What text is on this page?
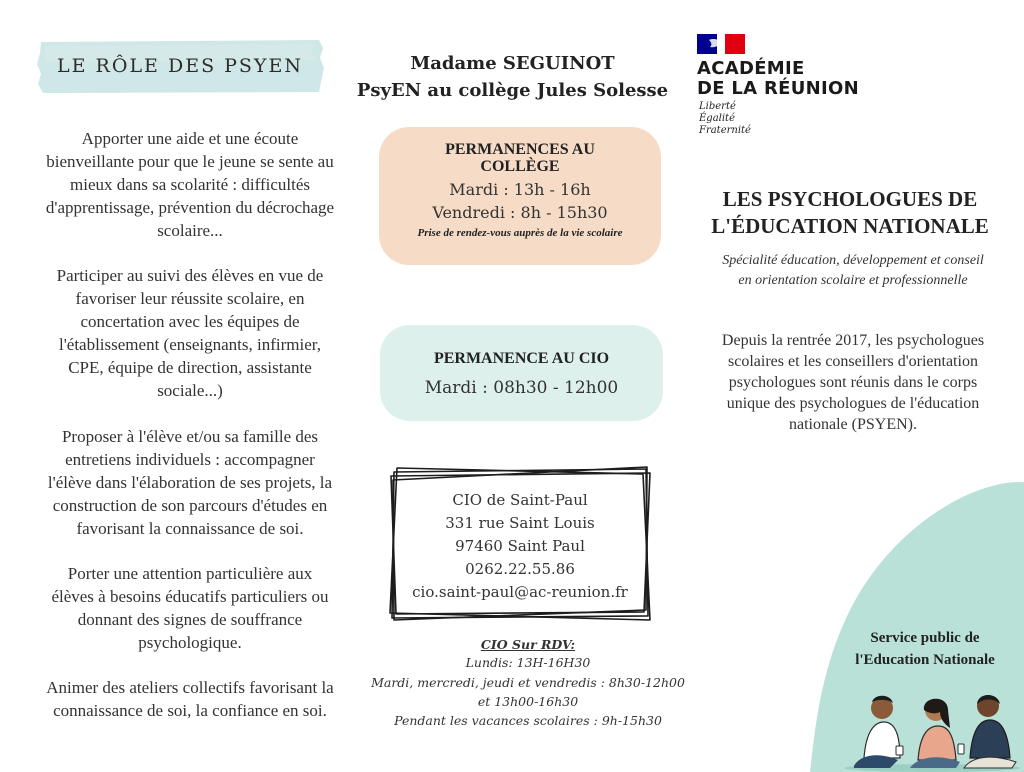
LE RÔLE DES PSYEN
Apporter une aide et une écoute
bienveillante pour que le jeune se sente au
mieux dans sa scolarité : difficultés
d'apprentissage, prévention du décrochage
scolaire...
Participer au suivi des élèves en vue de
favoriser leur réussite scolaire, en
concertation avec les équipes de
l'établissement (enseignants, infirmier,
CPE, équipe de direction, assistante
sociale...)
Proposer à l'élève et/ou sa famille des
entretiens individuels : accompagner
l'élève dans l'élaboration de ses projets, la
construction de son parcours d'études en
favorisant la connaissance de soi.
Porter une attention particulière aux
élèves à besoins éducatifs particuliers ou
donnant des signes de souffrance
psychologique.
Animer des ateliers collectifs favorisant la
connaissance de soi, la confiance en soi.
Madame SEGUINOT
PsyEN au collège Jules Solesse
PERMANENCES AU
COLLÈGE
Mardi : 13h - 16h
Vendredi : 8h - 15h30
Prise de rendez-vous auprès de la vie scolaire
PERMANENCE AU CIO
Mardi : 08h30 - 12h00
CIO de Saint-Paul
331 rue Saint Louis
97460 Saint Paul
0262.22.55.86
cio.saint-paul@ac-reunion.fr
CIO Sur RDV:
Lundis: 13H-16H30
Mardi, mercredi, jeudi et vendredis : 8h30-12h00
et 13h00-16h30
Pendant les vacances scolaires : 9h-15h30
ACADÉMIE
DE LA RÉUNION
Liberté
Égalité
Fraternité
LES PSYCHOLOGUES DE
L'ÉDUCATION NATIONALE
Spécialité éducation, développement et conseil
en orientation scolaire et professionnelle
Depuis la rentrée 2017, les psychologues
scolaires et les conseillers d'orientation
psychologues sont réunis dans le corps
unique des psychologues de l'éducation
nationale (PSYEN).
Service public de
l'Education Nationale
